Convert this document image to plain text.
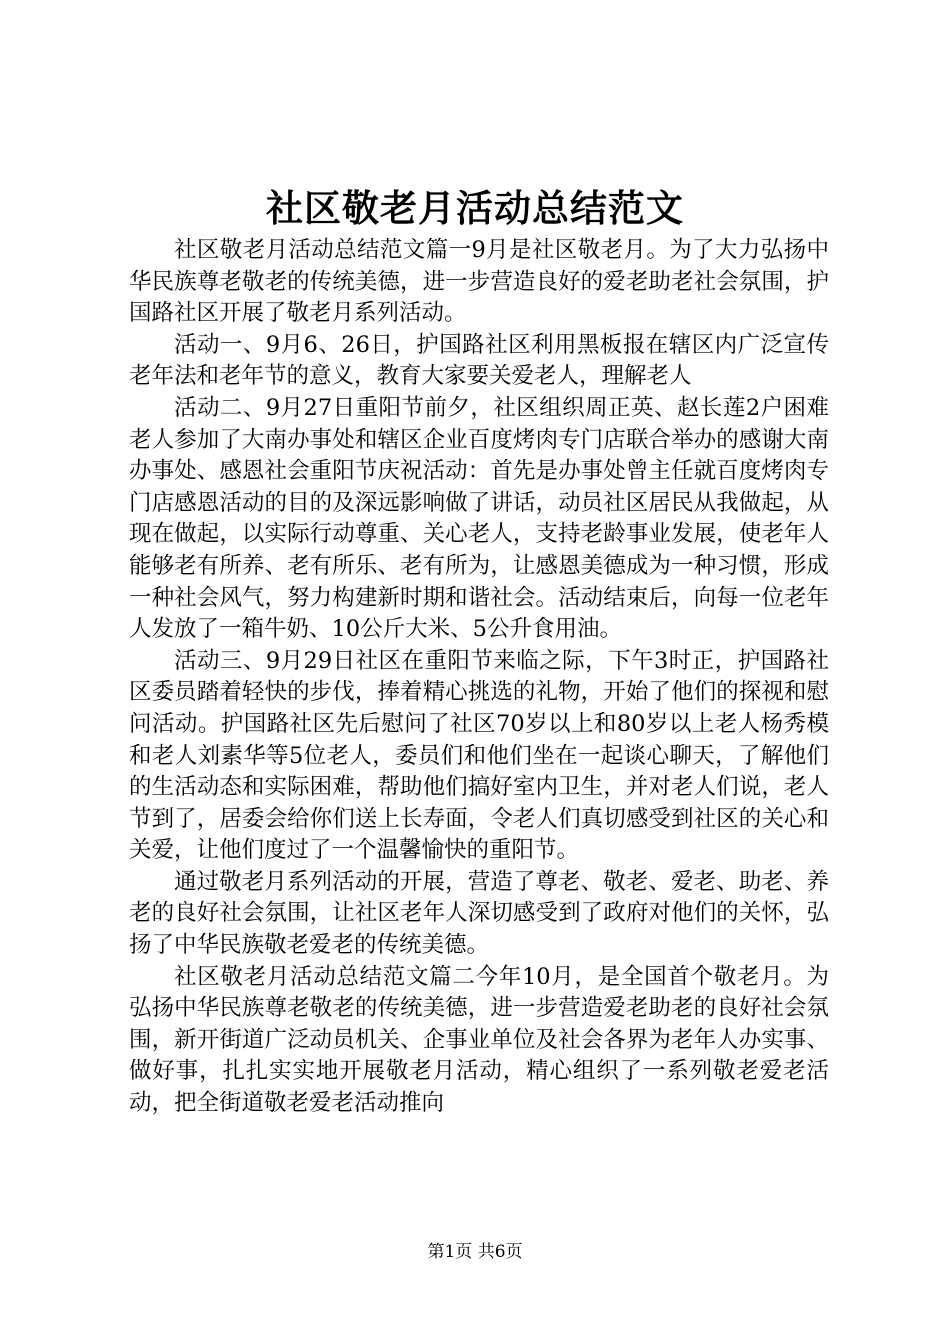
社区敬老月活动总结范文

社区敬老月活动总结范文篇一9月是社区敬老月。为了大力弘扬中华民族尊老敬老的传统美德，进一步营造良好的爱老助老社会氛围，护国路社区开展了敬老月系列活动。

活动一、9月6、26日，护国路社区利用黑板报在辖区内广泛宣传老年法和老年节的意义，教育大家要关爱老人，理解老人

活动二、9月27日重阳节前夕，社区组织周正英、赵长莲2户困难老人参加了大南办事处和辖区企业百度烤肉专门店联合举办的感谢大南办事处、感恩社会重阳节庆祝活动：首先是办事处曾主任就百度烤肉专门店感恩活动的目的及深远影响做了讲话，动员社区居民从我做起，从现在做起，以实际行动尊重、关心老人，支持老龄事业发展，使老年人能够老有所养、老有所乐、老有所为，让感恩美德成为一种习惯，形成一种社会风气，努力构建新时期和谐社会。活动结束后，向每一位老年人发放了一箱牛奶、10公斤大米、5公升食用油。

活动三、9月29日社区在重阳节来临之际，下午3时正，护国路社区委员踏着轻快的步伐，捧着精心挑选的礼物，开始了他们的探视和慰问活动。护国路社区先后慰问了社区70岁以上和80岁以上老人杨秀模和老人刘素华等5位老人，委员们和他们坐在一起谈心聊天，了解他们的生活动态和实际困难，帮助他们搞好室内卫生，并对老人们说，老人节到了，居委会给你们送上长寿面，令老人们真切感受到社区的关心和关爱，让他们度过了一个温馨愉快的重阳节。

通过敬老月系列活动的开展，营造了尊老、敬老、爱老、助老、养老的良好社会氛围，让社区老年人深切感受到了政府对他们的关怀，弘扬了中华民族敬老爱老的传统美德。

社区敬老月活动总结范文篇二今年10月，是全国首个敬老月。为弘扬中华民族尊老敬老的传统美德，进一步营造爱老助老的良好社会氛围，新开街道广泛动员机关、企事业单位及社会各界为老年人办实事、做好事，扎扎实实地开展敬老月活动，精心组织了一系列敬老爱老活动，把全街道敬老爱老活动推向

第1页 共6页
